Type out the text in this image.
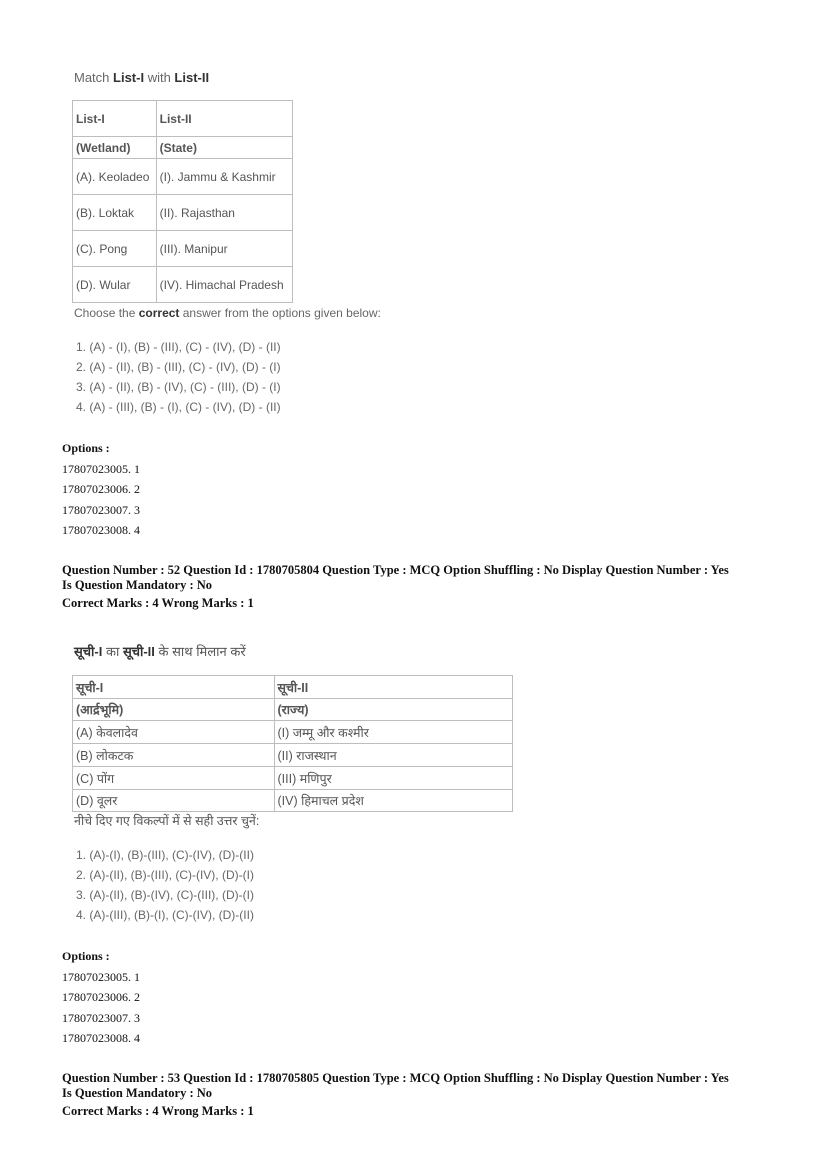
Match List-I with List-II
List-I	List-II
(Wetland)	(State)
(A). Keoladeo	(I). Jammu & Kashmir
(B). Loktak	(II). Rajasthan
(C). Pong	(III). Manipur
(D). Wular	(IV). Himachal Pradesh
Choose the correct answer from the options given below:
1. (A) - (I), (B) - (III), (C) - (IV), (D) - (II)
2. (A) - (II), (B) - (III), (C) - (IV), (D) - (I)
3. (A) - (II), (B) - (IV), (C) - (III), (D) - (I)
4. (A) - (III), (B) - (I), (C) - (IV), (D) - (II)
Options :
17807023005. 1
17807023006. 2
17807023007. 3
17807023008. 4
Question Number : 52 Question Id : 1780705804 Question Type : MCQ Option Shuffling : No Display Question Number : Yes
Is Question Mandatory : No
Correct Marks : 4 Wrong Marks : 1
सूची-I का सूची-II के साथ मिलान करें
सूची-I	सूची-II
(आर्द्रभूमि)	(राज्य)
(A) केवलादेव	(I) जम्मू और कश्मीर
(B) लोकटक	(II) राजस्थान
(C) पोंग	(III) मणिपुर
(D) वूलर	(IV) हिमाचल प्रदेश
नीचे दिए गए विकल्पों में से सही उत्तर चुनें:
1. (A)-(I), (B)-(III), (C)-(IV), (D)-(II)
2. (A)-(II), (B)-(III), (C)-(IV), (D)-(I)
3. (A)-(II), (B)-(IV), (C)-(III), (D)-(I)
4. (A)-(III), (B)-(I), (C)-(IV), (D)-(II)
Options :
17807023005. 1
17807023006. 2
17807023007. 3
17807023008. 4
Question Number : 53 Question Id : 1780705805 Question Type : MCQ Option Shuffling : No Display Question Number : Yes
Is Question Mandatory : No
Correct Marks : 4 Wrong Marks : 1
